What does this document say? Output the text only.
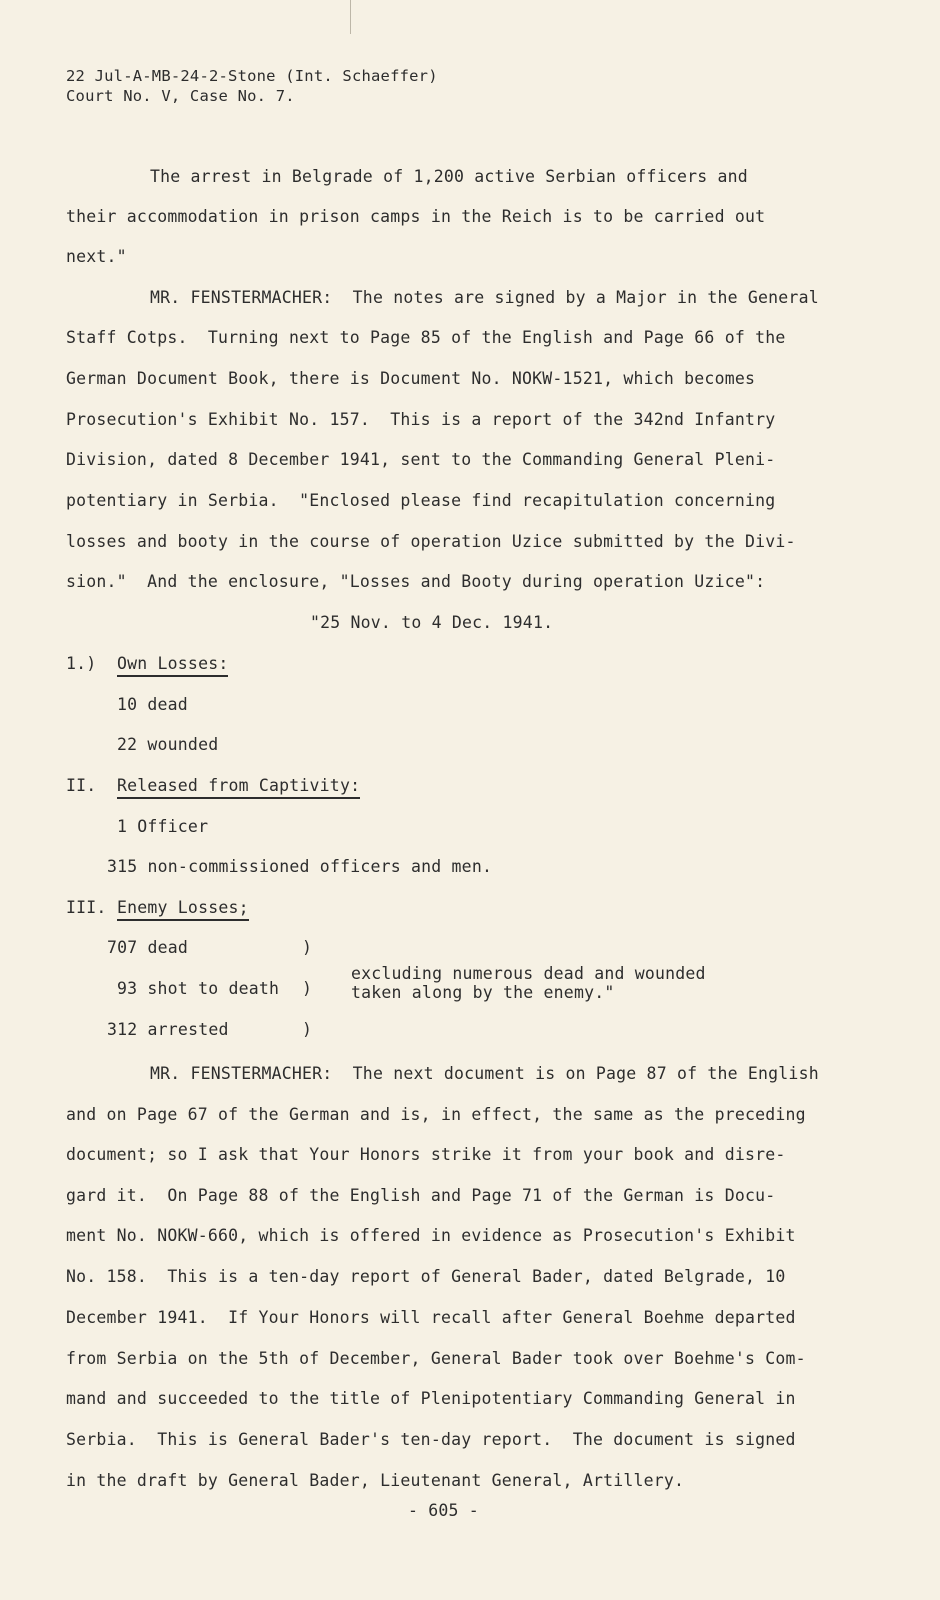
22 Jul-A-MB-24-2-Stone (Int. Schaeffer)
Court No. V, Case No. 7.
The arrest in Belgrade of 1,200 active Serbian officers and
their accommodation in prison camps in the Reich is to be carried out
next."
MR. FENSTERMACHER:  The notes are signed by a Major in the General
Staff Cotps.  Turning next to Page 85 of the English and Page 66 of the
German Document Book, there is Document No. NOKW-1521, which becomes
Prosecution's Exhibit No. 157.  This is a report of the 342nd Infantry
Division, dated 8 December 1941, sent to the Commanding General Pleni-
potentiary in Serbia.  "Enclosed please find recapitulation concerning
losses and booty in the course of operation Uzice submitted by the Divi-
sion."  And the enclosure, "Losses and Booty during operation Uzice":
"25 Nov. to 4 Dec. 1941.
1.) Own Losses:
10 dead
22 wounded
II. Released from Captivity:
1 Officer
315 non-commissioned officers and men.
III. Enemy Losses;
707 dead	)
93 shot to death )
312 arrested	)
excluding numerous dead and wounded
taken along by the enemy."
MR. FENSTERMACHER:  The next document is on Page 87 of the English
and on Page 67 of the German and is, in effect, the same as the preceding
document; so I ask that Your Honors strike it from your book and disre-
gard it.  On Page 88 of the English and Page 71 of the German is Docu-
ment No. NOKW-660, which is offered in evidence as Prosecution's Exhibit
No. 158.  This is a ten-day report of General Bader, dated Belgrade, 10
December 1941.  If Your Honors will recall after General Boehme departed
from Serbia on the 5th of December, General Bader took over Boehme's Com-
mand and succeeded to the title of Plenipotentiary Commanding General in
Serbia.  This is General Bader's ten-day report.  The document is signed
in the draft by General Bader, Lieutenant General, Artillery.
- 605 -
